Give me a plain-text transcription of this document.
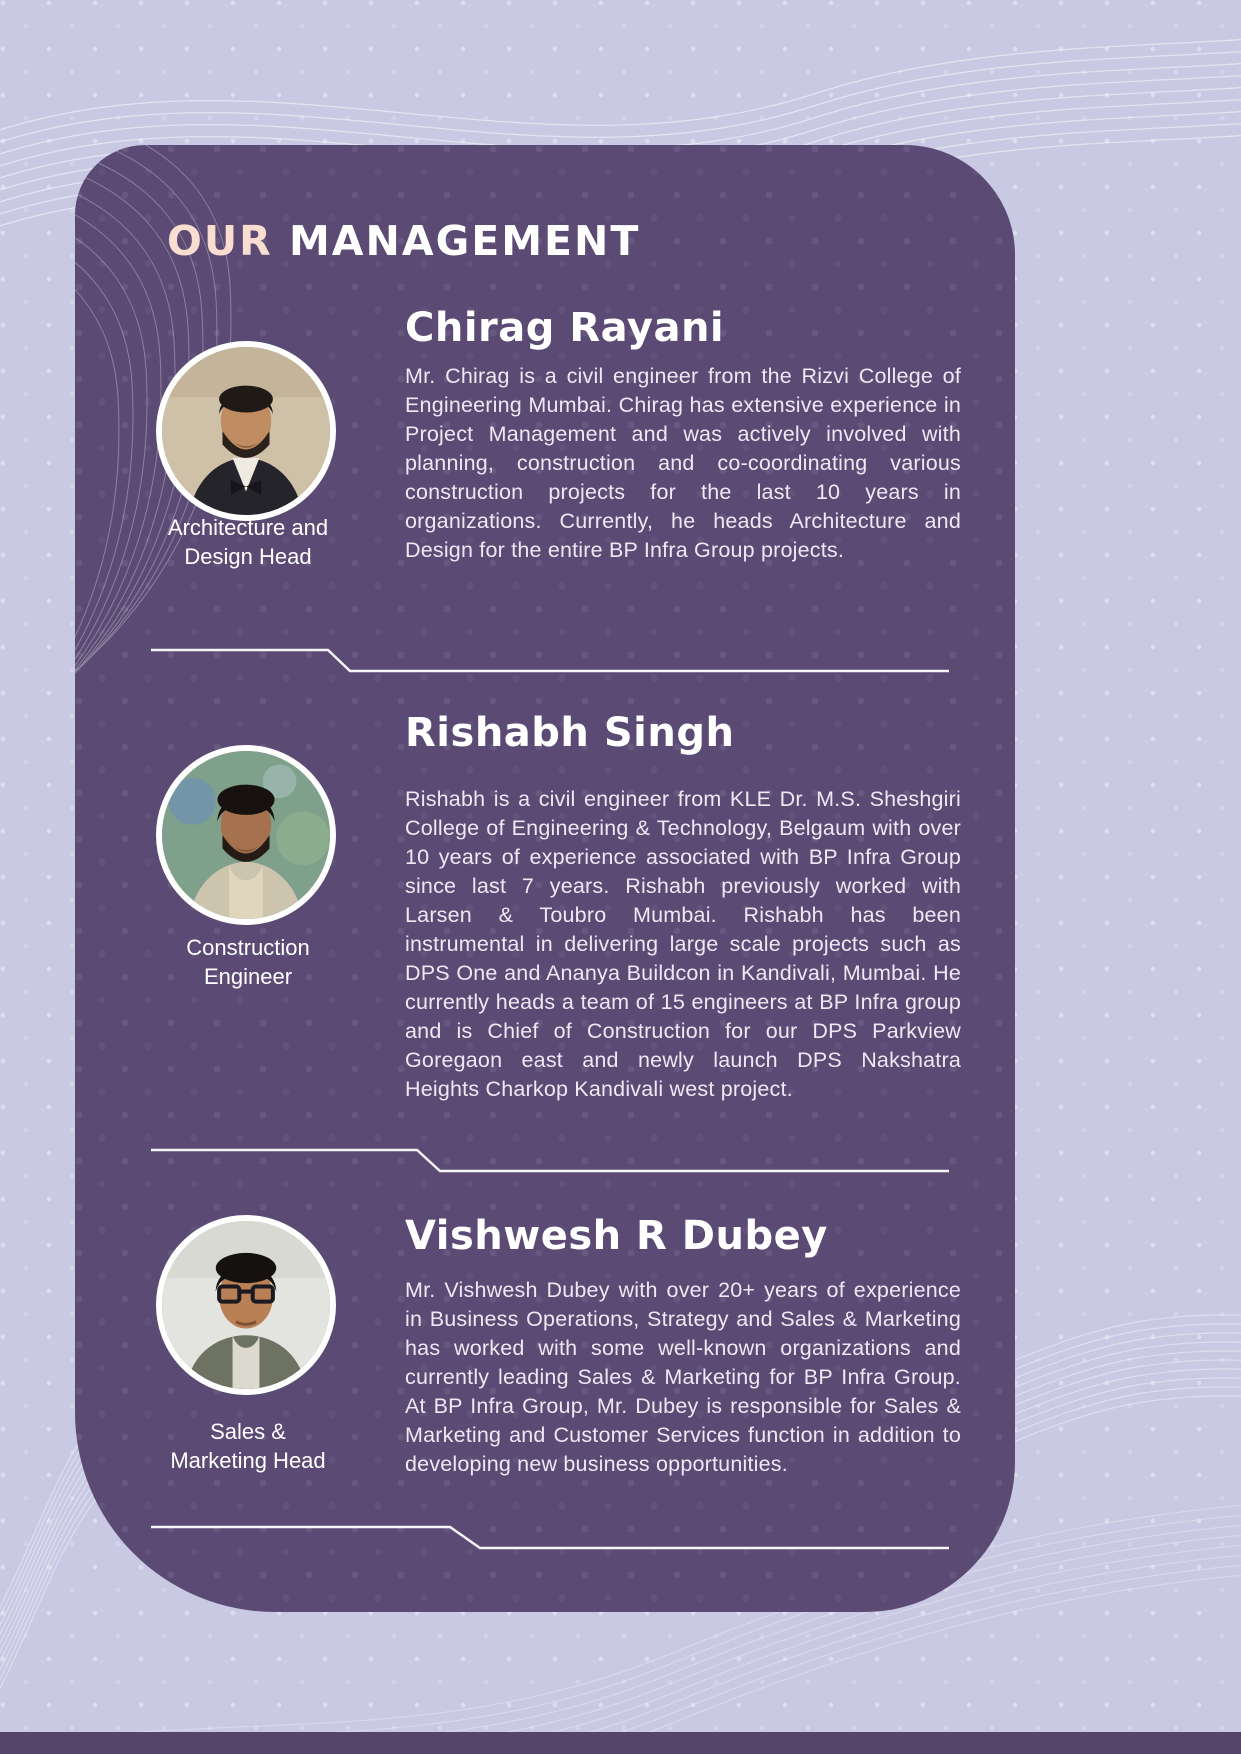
OUR MANAGEMENT
Architecture and
Design Head
Chirag Rayani
Mr. Chirag is a civil engineer from the Rizvi College of Engineering Mumbai. Chirag has extensive experience in Project Management and was actively involved with planning, construction and co-coordinating various construction projects for the last 10 years in organizations. Currently, he heads Architecture and Design for the entire BP Infra Group projects.
Construction
Engineer
Rishabh Singh
Rishabh is a civil engineer from KLE Dr. M.S. Sheshgiri College of Engineering & Technology, Belgaum with over 10 years of experience associated with BP Infra Group since last 7 years. Rishabh previously worked with Larsen & Toubro Mumbai. Rishabh has been instrumental in delivering large scale projects such as DPS One and Ananya Buildcon in Kandivali, Mumbai. He currently heads a team of 15 engineers at BP Infra group and is Chief of Construction for our DPS Parkview Goregaon east and newly launch DPS Nakshatra Heights Charkop Kandivali west project.
Sales &
Marketing Head
Vishwesh R Dubey
Mr. Vishwesh Dubey with over 20+ years of experience in Business Operations, Strategy and Sales & Marketing has worked with some well-known organizations and currently leading Sales & Marketing for BP Infra Group. At BP Infra Group, Mr. Dubey is responsible for Sales & Marketing and Customer Services function in addition to developing new business opportunities.
